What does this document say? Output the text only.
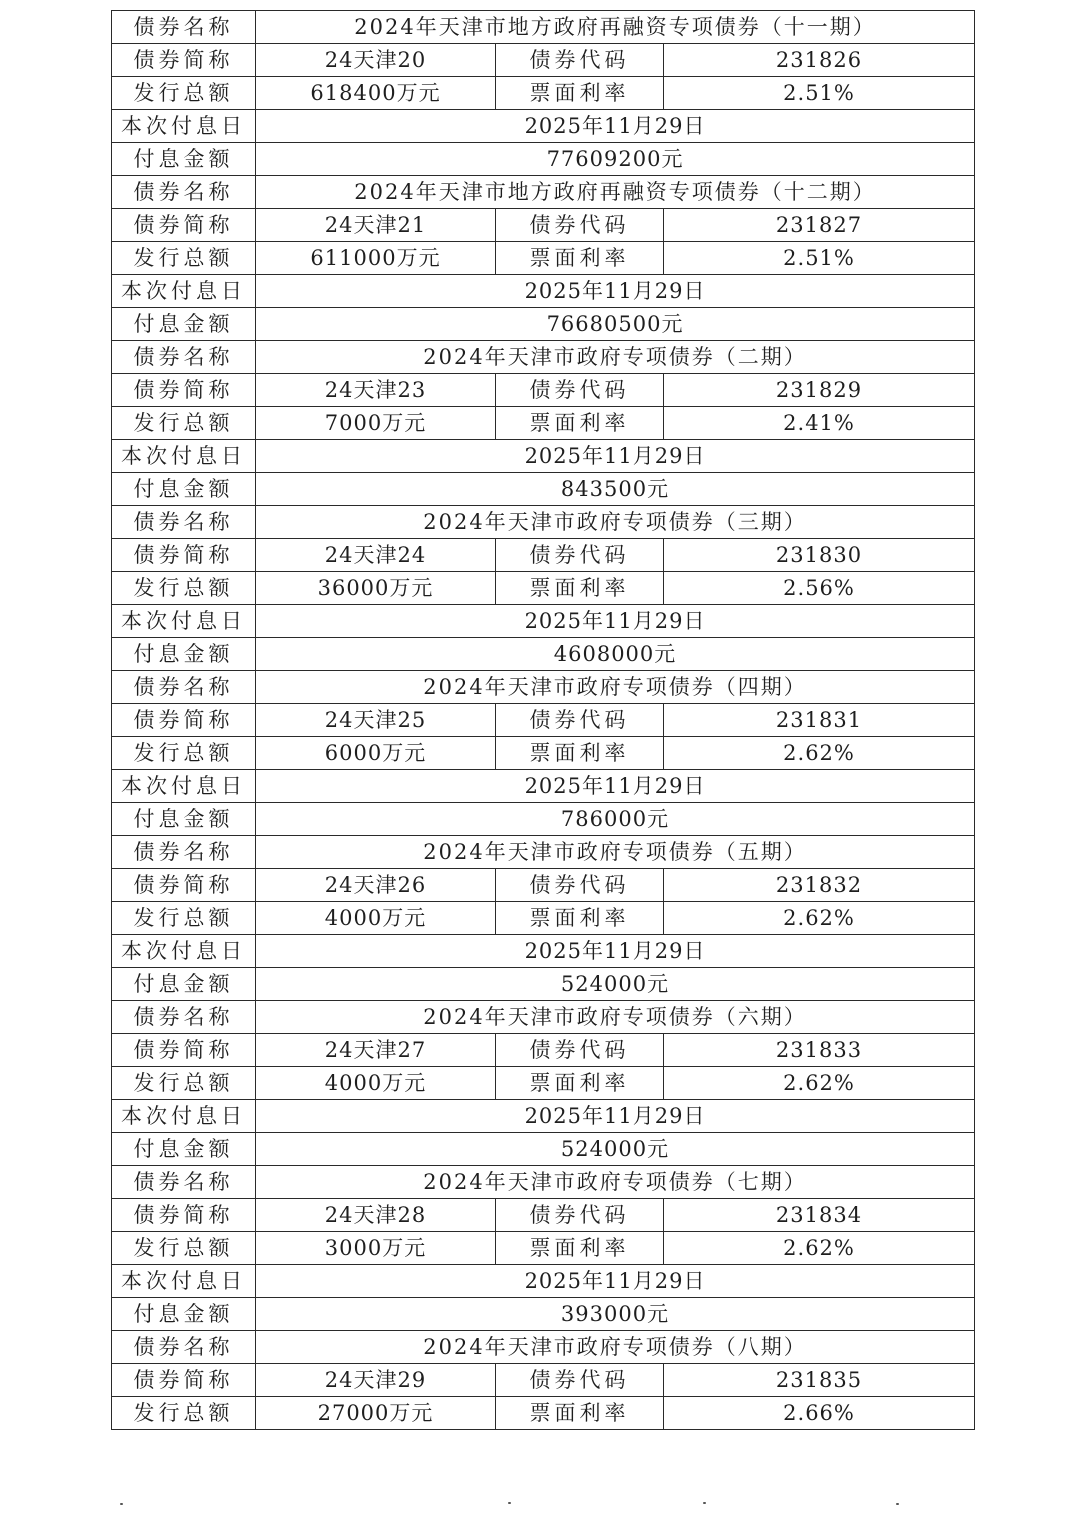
债券名称	2024年天津市地方政府再融资专项债券（十一期）		
债券简称	24天津20	债券代码	231826
发行总额	618400万元	票面利率	2.51%
本次付息日	2025年11月29日		
付息金额	77609200元		
债券名称	2024年天津市地方政府再融资专项债券（十二期）		
债券简称	24天津21	债券代码	231827
发行总额	611000万元	票面利率	2.51%
本次付息日	2025年11月29日		
付息金额	76680500元		
债券名称	2024年天津市政府专项债券（二期）		
债券简称	24天津23	债券代码	231829
发行总额	7000万元	票面利率	2.41%
本次付息日	2025年11月29日		
付息金额	843500元		
债券名称	2024年天津市政府专项债券（三期）		
债券简称	24天津24	债券代码	231830
发行总额	36000万元	票面利率	2.56%
本次付息日	2025年11月29日		
付息金额	4608000元		
债券名称	2024年天津市政府专项债券（四期）		
债券简称	24天津25	债券代码	231831
发行总额	6000万元	票面利率	2.62%
本次付息日	2025年11月29日		
付息金额	786000元		
债券名称	2024年天津市政府专项债券（五期）		
债券简称	24天津26	债券代码	231832
发行总额	4000万元	票面利率	2.62%
本次付息日	2025年11月29日		
付息金额	524000元		
债券名称	2024年天津市政府专项债券（六期）		
债券简称	24天津27	债券代码	231833
发行总额	4000万元	票面利率	2.62%
本次付息日	2025年11月29日		
付息金额	524000元		
债券名称	2024年天津市政府专项债券（七期）		
债券简称	24天津28	债券代码	231834
发行总额	3000万元	票面利率	2.62%
本次付息日	2025年11月29日		
付息金额	393000元		
债券名称	2024年天津市政府专项债券（八期）		
债券简称	24天津29	债券代码	231835
发行总额	27000万元	票面利率	2.66%
